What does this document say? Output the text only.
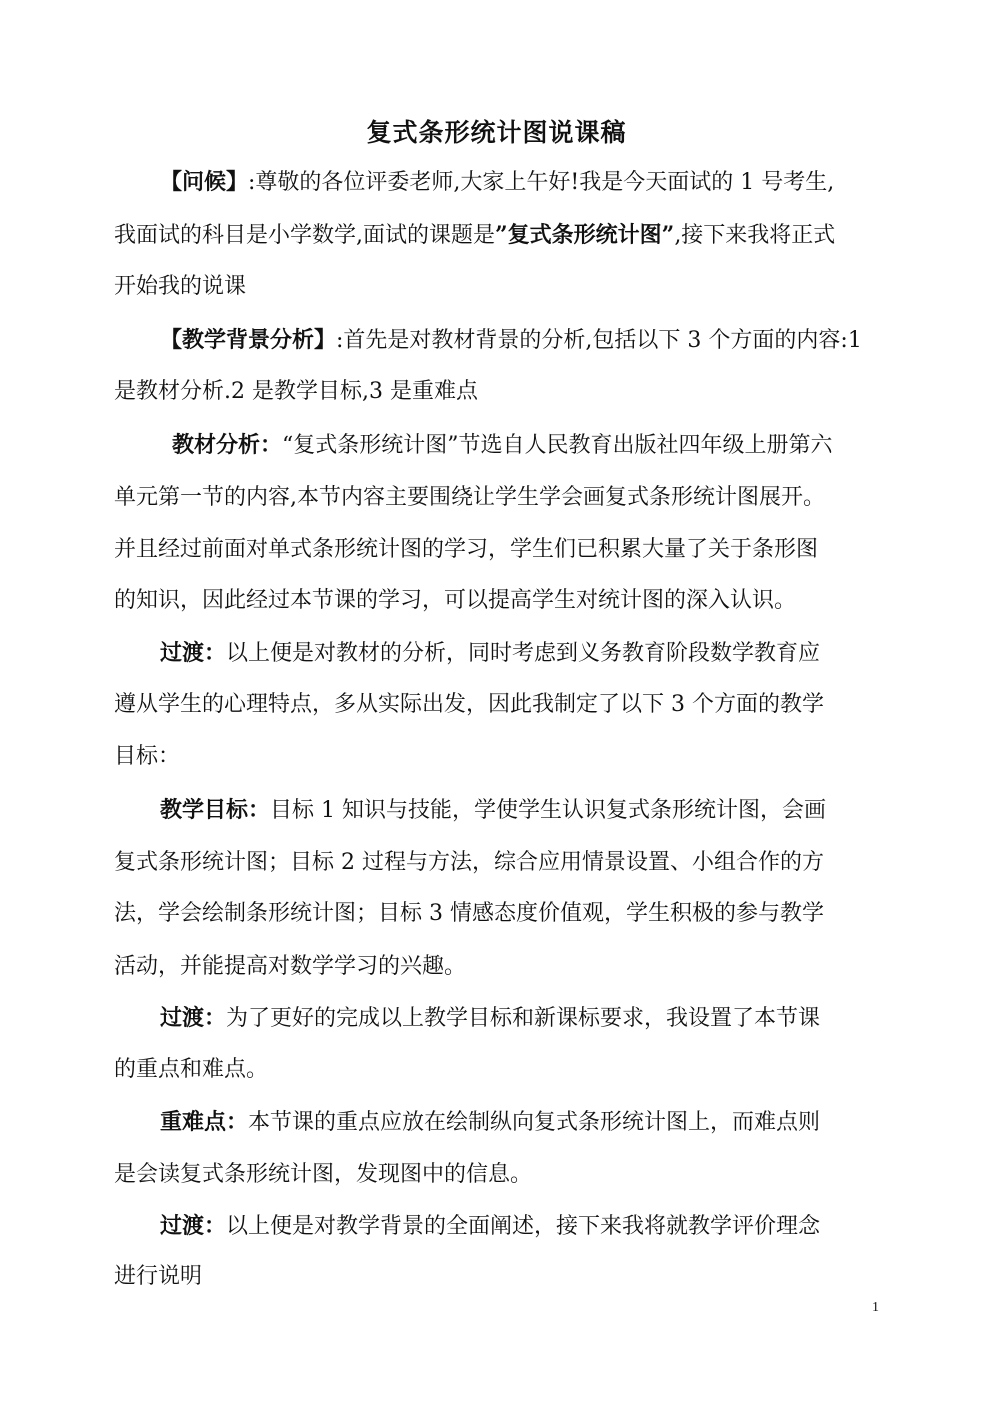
复式条形统计图说课稿
【问候】:尊敬的各位评委老师,大家上午好!我是今天面试的 1 号考生,
我面试的科目是小学数学,面试的课题是”复式条形统计图”,接下来我将正式
开始我的说课
【教学背景分析】:首先是对教材背景的分析,包括以下 3 个方面的内容:1
是教材分析.2 是教学目标,3 是重难点
教材分析：“复式条形统计图”节选自人民教育出版社四年级上册第六
单元第一节的内容,本节内容主要围绕让学生学会画复式条形统计图展开。
并且经过前面对单式条形统计图的学习，学生们已积累大量了关于条形图
的知识，因此经过本节课的学习，可以提高学生对统计图的深入认识。
过渡：以上便是对教材的分析，同时考虑到义务教育阶段数学教育应
遵从学生的心理特点，多从实际出发，因此我制定了以下 3 个方面的教学
目标：
教学目标：目标 1 知识与技能，学使学生认识复式条形统计图，会画
复式条形统计图；目标 2 过程与方法，综合应用情景设置、小组合作的方
法，学会绘制条形统计图；目标 3 情感态度价值观，学生积极的参与教学
活动，并能提高对数学学习的兴趣。
过渡：为了更好的完成以上教学目标和新课标要求，我设置了本节课
的重点和难点。
重难点：本节课的重点应放在绘制纵向复式条形统计图上，而难点则
是会读复式条形统计图，发现图中的信息。
过渡：以上便是对教学背景的全面阐述，接下来我将就教学评价理念
进行说明
1
